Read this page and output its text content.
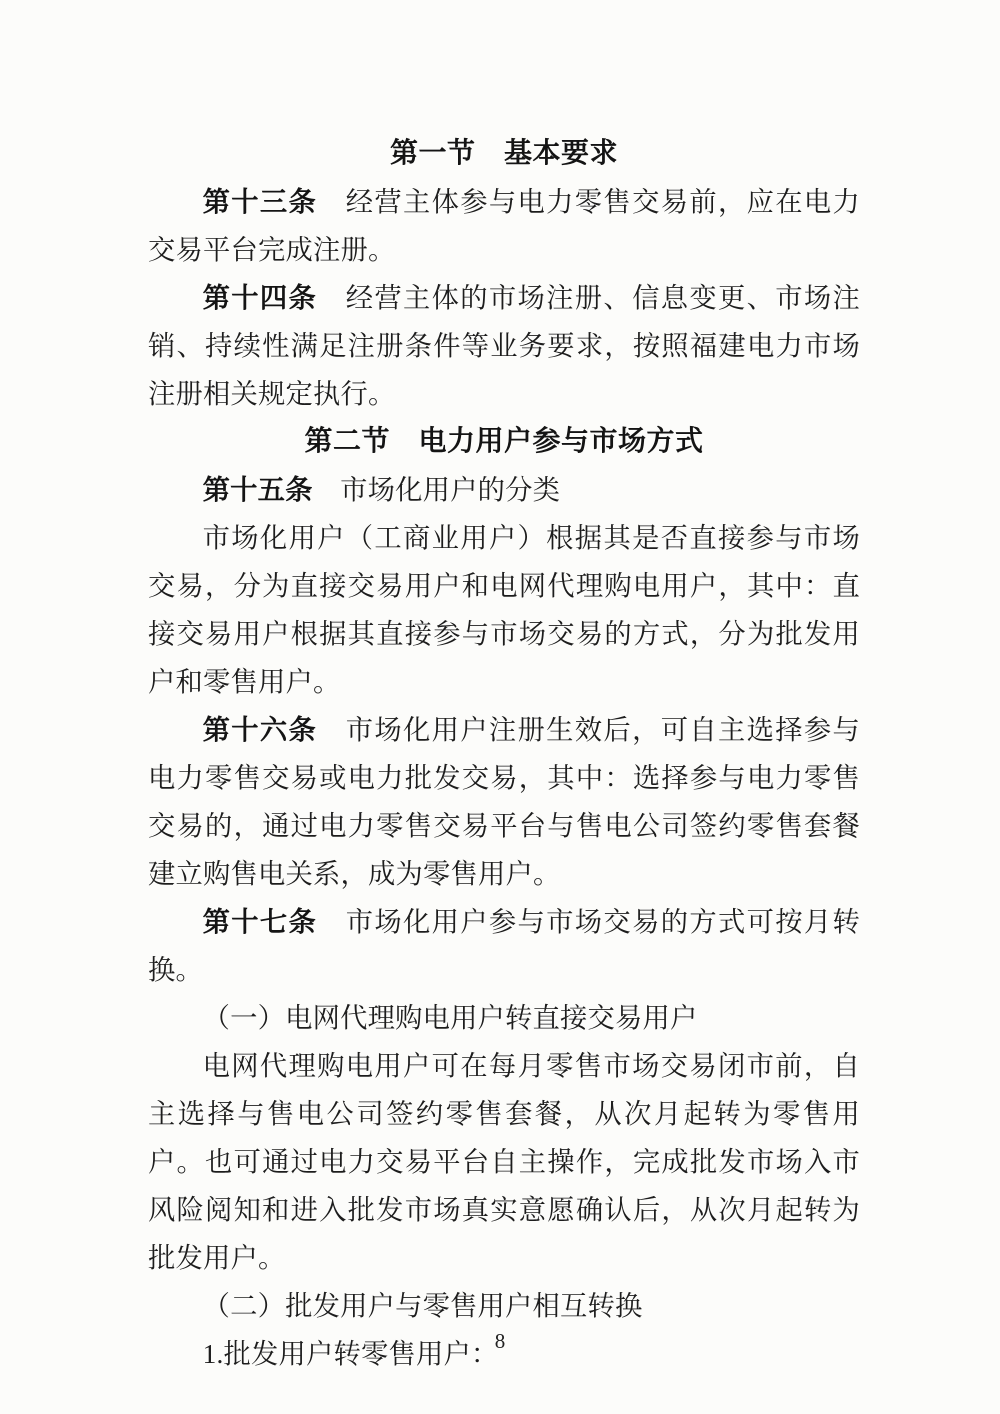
第一节　基本要求

第十三条　经营主体参与电力零售交易前，应在电力交易平台完成注册。

第十四条　经营主体的市场注册、信息变更、市场注销、持续性满足注册条件等业务要求，按照福建电力市场注册相关规定执行。

第二节　电力用户参与市场方式

第十五条　市场化用户的分类

市场化用户（工商业用户）根据其是否直接参与市场交易，分为直接交易用户和电网代理购电用户，其中：直接交易用户根据其直接参与市场交易的方式，分为批发用户和零售用户。

第十六条　市场化用户注册生效后，可自主选择参与电力零售交易或电力批发交易，其中：选择参与电力零售交易的，通过电力零售交易平台与售电公司签约零售套餐建立购售电关系，成为零售用户。

第十七条　市场化用户参与市场交易的方式可按月转换。

（一）电网代理购电用户转直接交易用户

电网代理购电用户可在每月零售市场交易闭市前，自主选择与售电公司签约零售套餐，从次月起转为零售用户。也可通过电力交易平台自主操作，完成批发市场入市风险阅知和进入批发市场真实意愿确认后，从次月起转为批发用户。

（二）批发用户与零售用户相互转换

1.批发用户转零售用户：

8
